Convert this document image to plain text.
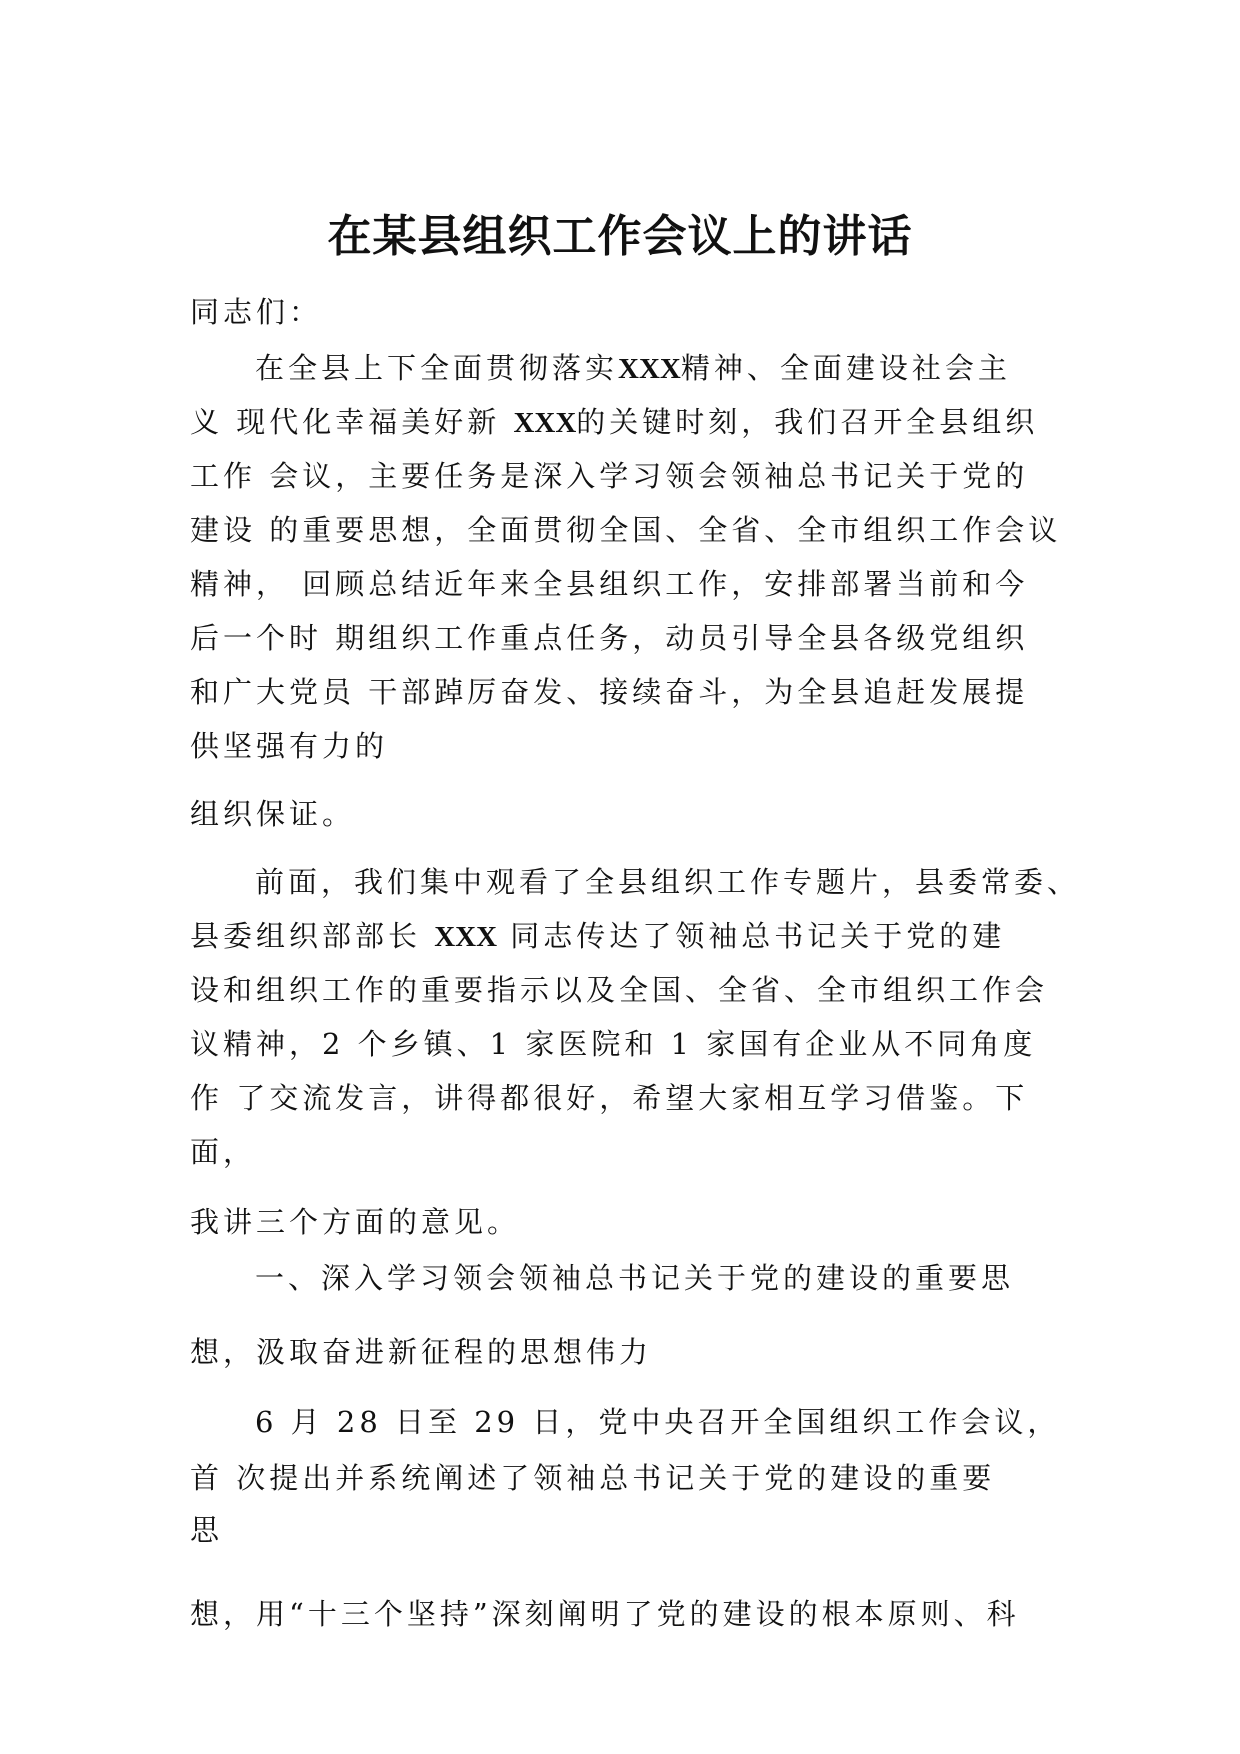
在某县组织工作会议上的讲话
同志们：
在全县上下全面贯彻落实XXX精神、全面建设社会主
义 现代化幸福美好新 XXX的关键时刻，我们召开全县组织
工作 会议，主要任务是深入学习领会领袖总书记关于党的
建设 的重要思想，全面贯彻全国、全省、全市组织工作会议
精神， 回顾总结近年来全县组织工作，安排部署当前和今
后一个时 期组织工作重点任务，动员引导全县各级党组织
和广大党员 干部踔厉奋发、接续奋斗，为全县追赶发展提
供坚强有力的
组织保证。
前面，我们集中观看了全县组织工作专题片，县委常委、
县委组织部部长 XXX 同志传达了领袖总书记关于党的建
设和组织工作的重要指示以及全国、全省、全市组织工作会
议精神，2 个乡镇、1 家医院和 1 家国有企业从不同角度
作 了交流发言，讲得都很好，希望大家相互学习借鉴。下
面，
我讲三个方面的意见。
一、深入学习领会领袖总书记关于党的建设的重要思
想，汲取奋进新征程的思想伟力
6 月 28 日至 29 日，党中央召开全国组织工作会议，
首 次提出并系统阐述了领袖总书记关于党的建设的重要
思
想，用“十三个坚持”深刻阐明了党的建设的根本原则、科
